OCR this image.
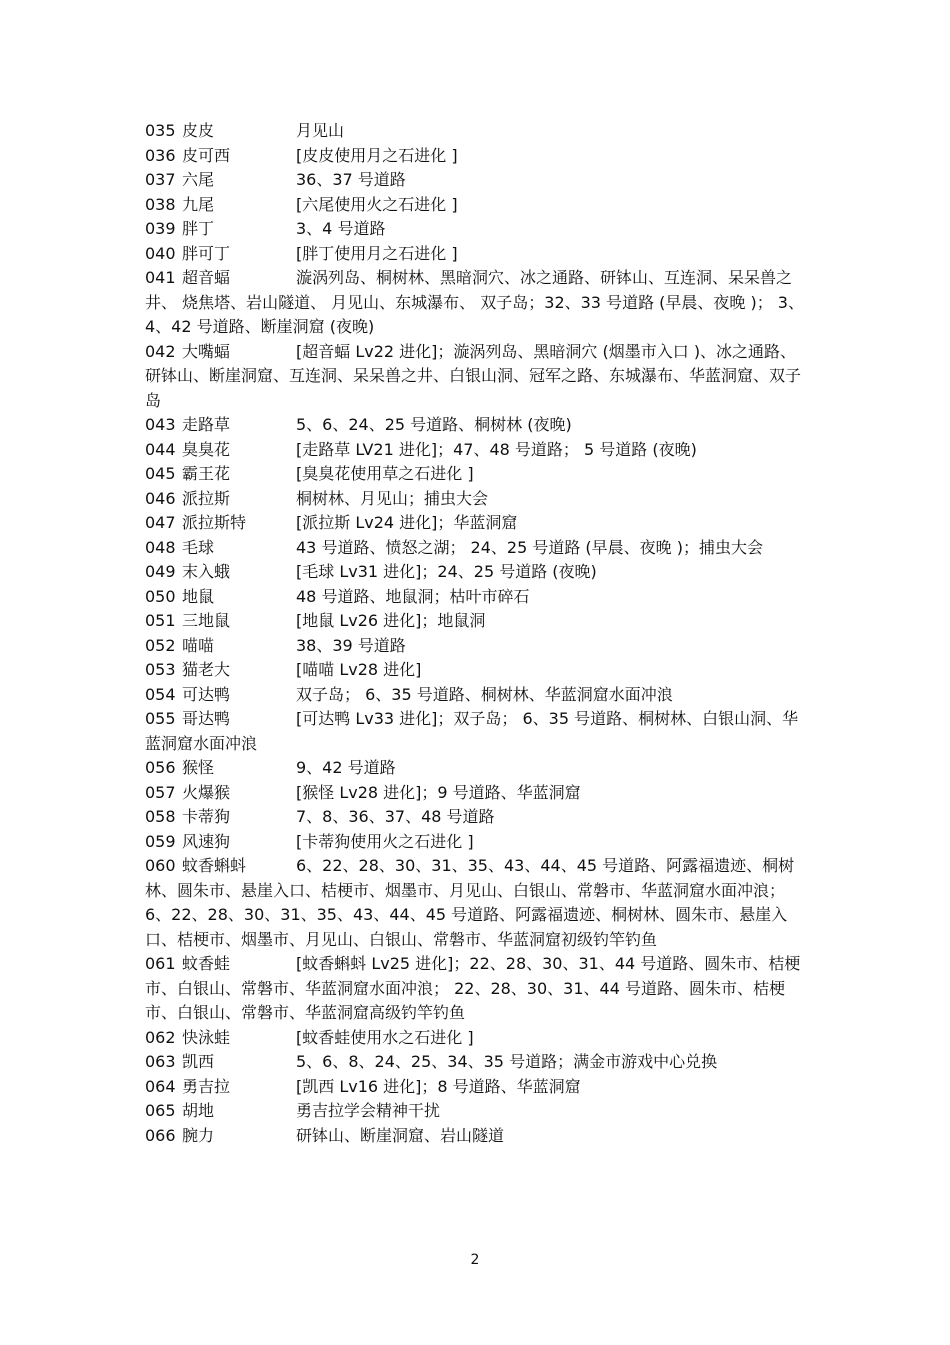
035 皮皮	月见山

036 皮可西	[皮皮使用月之石进化 ]

037 六尾	36、37 号道路

038 九尾	[六尾使用火之石进化 ]

039 胖丁	3、4 号道路

040 胖可丁	[胖丁使用月之石进化 ]

041 超音蝠	漩涡列岛、桐树林、黑暗洞穴、冰之通路、研钵山、互连洞、呆呆兽之井、 烧焦塔、岩山隧道、 月见山、东城瀑布、 双子岛；32、33 号道路 (早晨、夜晚 )； 3、4、42 号道路、断崖洞窟 (夜晚)

042 大嘴蝠	[超音蝠 Lv22 进化]；漩涡列岛、黑暗洞穴 (烟墨市入口 )、冰之通路、研钵山、断崖洞窟、互连洞、呆呆兽之井、白银山洞、冠军之路、东城瀑布、华蓝洞窟、双子岛

043 走路草	5、6、24、25 号道路、桐树林 (夜晚)

044 臭臭花	[走路草 LV21 进化]；47、48 号道路； 5 号道路 (夜晚)

045 霸王花	[臭臭花使用草之石进化 ]

046 派拉斯	桐树林、月见山；捕虫大会

047 派拉斯特	[派拉斯 Lv24 进化]；华蓝洞窟

048 毛球	43 号道路、愤怒之湖； 24、25 号道路 (早晨、夜晚 )；捕虫大会

049 末入蛾	[毛球 Lv31 进化]；24、25 号道路 (夜晚)

050 地鼠	48 号道路、地鼠洞；枯叶市碎石

051 三地鼠	[地鼠 Lv26 进化]；地鼠洞

052 喵喵	38、39 号道路

053 猫老大	[喵喵 Lv28 进化]

054 可达鸭	双子岛； 6、35 号道路、桐树林、华蓝洞窟水面冲浪

055 哥达鸭	[可达鸭 Lv33 进化]；双子岛； 6、35 号道路、桐树林、白银山洞、华蓝洞窟水面冲浪

056 猴怪	9、42 号道路

057 火爆猴	[猴怪 Lv28 进化]；9 号道路、华蓝洞窟

058 卡蒂狗	7、8、36、37、48 号道路

059 风速狗	[卡蒂狗使用火之石进化 ]

060 蚊香蝌蚪	6、22、28、30、31、35、43、44、45 号道路、阿露福遗迹、桐树林、圆朱市、悬崖入口、桔梗市、烟墨市、月见山、白银山、常磐市、华蓝洞窟水面冲浪； 6、22、28、30、31、35、43、44、45 号道路、阿露福遗迹、桐树林、圆朱市、悬崖入口、桔梗市、烟墨市、月见山、白银山、常磐市、华蓝洞窟初级钓竿钓鱼

061 蚊香蛙	[蚊香蝌蚪 Lv25 进化]；22、28、30、31、44 号道路、圆朱市、桔梗市、白银山、常磐市、华蓝洞窟水面冲浪； 22、28、30、31、44 号道路、圆朱市、桔梗市、白银山、常磐市、华蓝洞窟高级钓竿钓鱼

062 快泳蛙	[蚊香蛙使用水之石进化 ]

063 凯西	5、6、8、24、25、34、35 号道路；满金市游戏中心兑换

064 勇吉拉	[凯西 Lv16 进化]；8 号道路、华蓝洞窟

065 胡地	勇吉拉学会精神干扰

066 腕力	研钵山、断崖洞窟、岩山隧道

2
